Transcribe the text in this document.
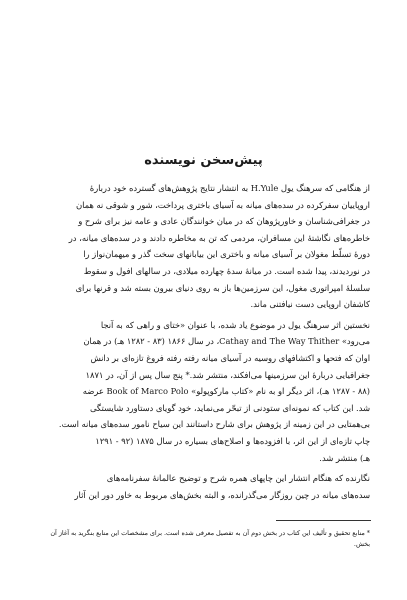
پیش‌سخن نویسنده
از هنگامی که سرهنگ یول H.Yule به انتشار نتایج پژوهش‌های گسترده خود دربارهٔ
اروپاییان سفرکرده در سده‌های میانه به آسیای باختری پرداخت، شور و شوقی نه همان
در جغرافی‌شناسان و خاورپژوهان که در میان خوانندگان عادی و عامه نیز برای شرح و
خاطره‌های نگاشتهٔ این مسافران، مردمی که تن به مخاطره دادند و در سده‌های میانه، در
دورهٔ تسلّط مغولان بر آسیای میانه و باختری این بیابانهای سخت گذر و میهمان‌نواز را
در نوردیدند، پیدا شده است. در میانهٔ سدهٔ چهارده میلادی، در سالهای افول و سقوط
سلسلهٔ امپراتوری مغول، این سرزمین‌ها باز به روی دنیای بیرون بسته شد و قرنها برای
کاشفان اروپایی دست نیافتنی ماند.
نخستین اثر سرهنگ یول در موضوع یاد شده، با عنوان «ختای و راهی که به آنجا
می‌رود» Cathay and The Way Thither، در سال ۱۸۶۶ (۸۳ - ۱۲۸۲ هـ) در همان
اوان که فتحها و اکتشافهای روسیه در آسیای میانه رفته رفته فروغ تازه‌ای بر دانش
جغرافیایی دربارهٔ این سرزمینها می‌افکند، منتشر شد.* پنج سال پس از آن، در ۱۸۷۱
(۸۸ - ۱۲۸۷ هـ)، اثر دیگر او به نام «کتاب مارکوپولو» Book of Marco Polo عرضه
شد. این کتاب که نمونه‌ای ستودنی از تبحّر می‌نماید، خود گویای دستاورد شایستگی
بی‌همتایی در این زمینه از پژوهش برای شارح داستانند این سیاح نامور سده‌های میانه است.
چاپ تازه‌ای از این اثر، با افزوده‌ها و اصلاح‌های بسیاره در سال ۱۸۷۵ (۹۲ - ۱۲۹۱
هـ) منتشر شد.
نگارنده که هنگام انتشار این چاپهای همره شرح و توضیح عالمانهٔ سفرنامه‌های
سده‌های میانه در چین روزگار می‌گذرانده، و البته بخش‌های مربوط به خاور دور این آثار
* منابع تحقیق و تألیف این کتاب در بخش دوم آن به تفصیل معرفی شده است. برای مشخصات این منابع بنگرید به آغاز آن بخش.
